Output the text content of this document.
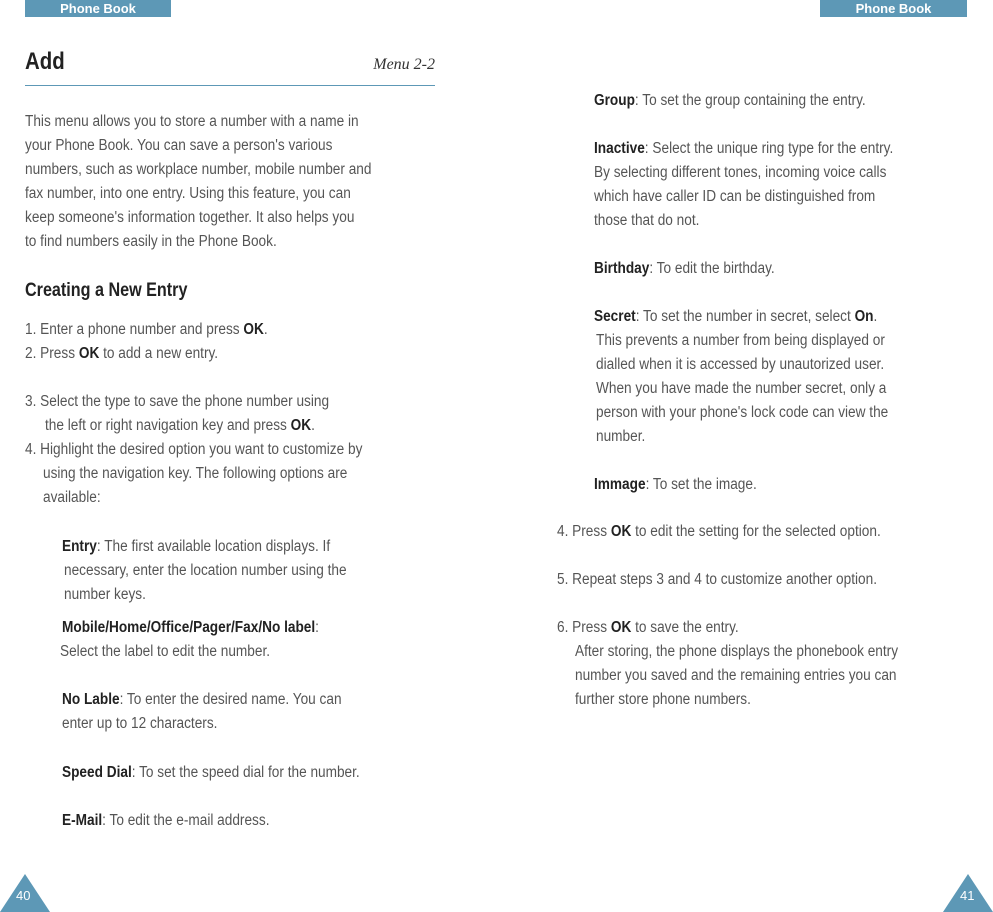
Phone Book	Phone Book
Add	Menu 2-2
This menu allows you to store a number with a name in
your Phone Book. You can save a person's various
numbers, such as workplace number, mobile number and
fax number, into one entry. Using this feature, you can
keep someone's information together. It also helps you
to find numbers easily in the Phone Book.
Creating a New Entry
1. Enter a phone number and press OK.
2. Press OK to add a new entry.
3. Select the type to save the phone number using
the left or right navigation key and press OK.
4. Highlight the desired option you want to customize by
using the navigation key. The following options are
available:
Entry: The first available location displays. If
necessary, enter the location number using the
number keys.
Mobile/Home/Office/Pager/Fax/No label:
Select the label to edit the number.
No Lable: To enter the desired name. You can
enter up to 12 characters.
Speed Dial: To set the speed dial for the number.
E-Mail: To edit the e-mail address.
Group: To set the group containing the entry.
Inactive: Select the unique ring type for the entry.
By selecting different tones, incoming voice calls
which have caller ID can be distinguished from
those that do not.
Birthday: To edit the birthday.
Secret: To set the number in secret, select On.
This prevents a number from being displayed or
dialled when it is accessed by unautorized user.
When you have made the number secret, only a
person with your phone's lock code can view the
number.
Immage: To set the image.
4. Press OK to edit the setting for the selected option.
5. Repeat steps 3 and 4 to customize another option.
6. Press OK to save the entry.
After storing, the phone displays the phonebook entry
number you saved and the remaining entries you can
further store phone numbers.
40	41
